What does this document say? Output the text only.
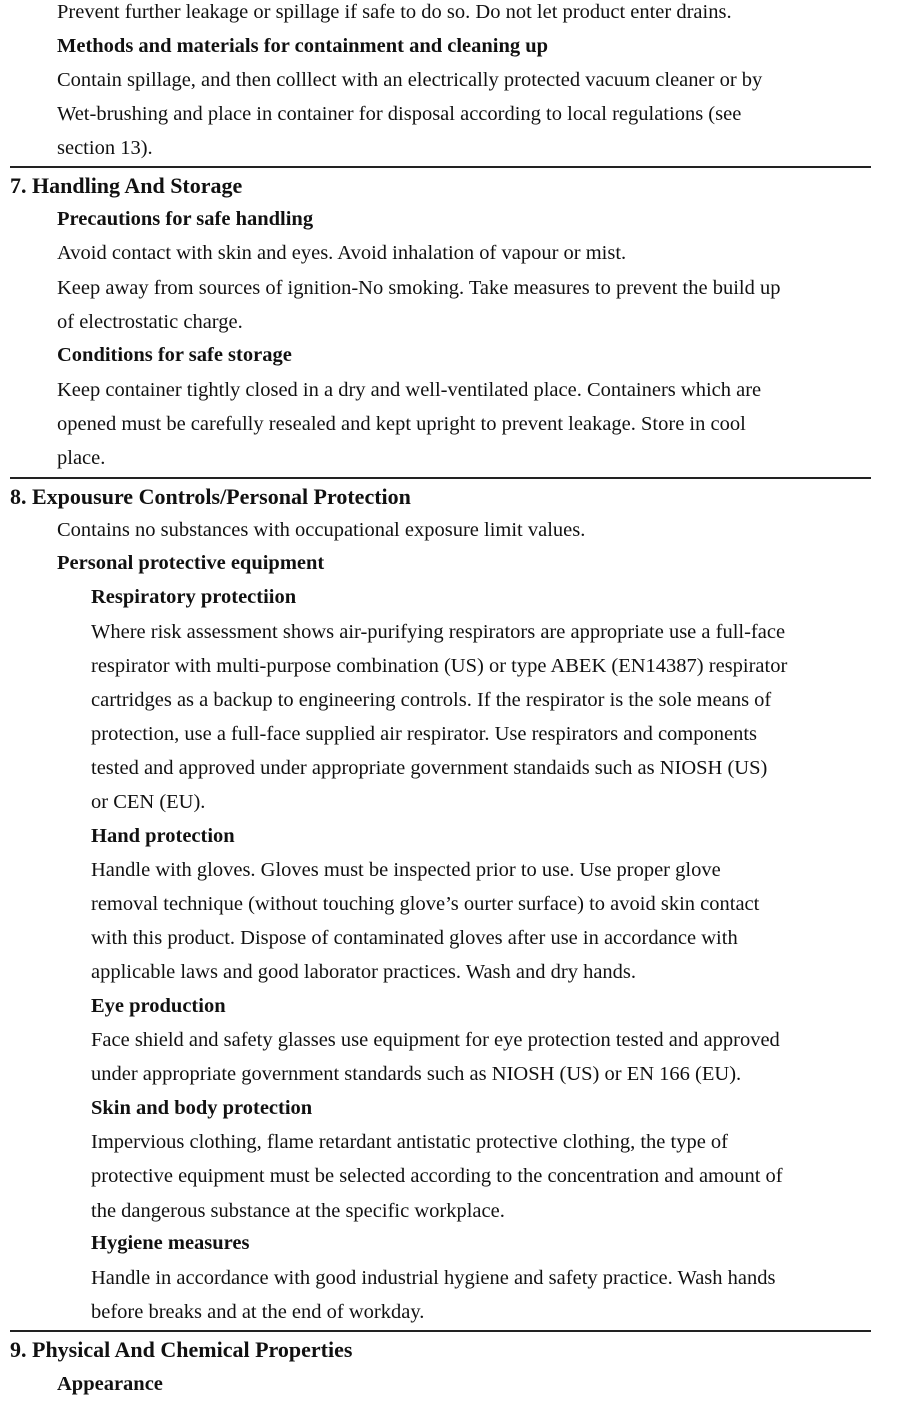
Prevent further leakage or spillage if safe to do so. Do not let product enter drains.
Methods and materials for containment and cleaning up
Contain spillage, and then colllect with an electrically protected vacuum cleaner or by
Wet-brushing and place in container for disposal according to local regulations (see
section 13).
7. Handling And Storage
Precautions for safe handling
Avoid contact with skin and eyes. Avoid inhalation of vapour or mist.
Keep away from sources of ignition-No smoking. Take measures to prevent the build up
of electrostatic charge.
Conditions for safe storage
Keep container tightly closed in a dry and well-ventilated place. Containers which are
opened must be carefully resealed and kept upright to prevent leakage. Store in cool
place.
8. Expousure Controls/Personal Protection
Contains no substances with occupational exposure limit values.
Personal protective equipment
Respiratory protectiion
Where risk assessment shows air-purifying respirators are appropriate use a full-face
respirator with multi-purpose combination (US) or type ABEK (EN14387) respirator
cartridges as a backup to engineering controls. If the respirator is the sole means of
protection, use a full-face supplied air respirator. Use respirators and components
tested and approved under appropriate government standaids such as NIOSH (US)
or CEN (EU).
Hand protection
Handle with gloves. Gloves must be inspected prior to use. Use proper glove
removal technique (without touching glove’s ourter surface) to avoid skin contact
with this product. Dispose of contaminated gloves after use in accordance with
applicable laws and good laborator practices. Wash and dry hands.
Eye production
Face shield and safety glasses use equipment for eye protection tested and approved
under appropriate government standards such as NIOSH (US) or EN 166 (EU).
Skin and body protection
Impervious clothing, flame retardant antistatic protective clothing, the type of
protective equipment must be selected according to the concentration and amount of
the dangerous substance at the specific workplace.
Hygiene measures
Handle in accordance with good industrial hygiene and safety practice. Wash hands
before breaks and at the end of workday.
9. Physical And Chemical Properties
Appearance
